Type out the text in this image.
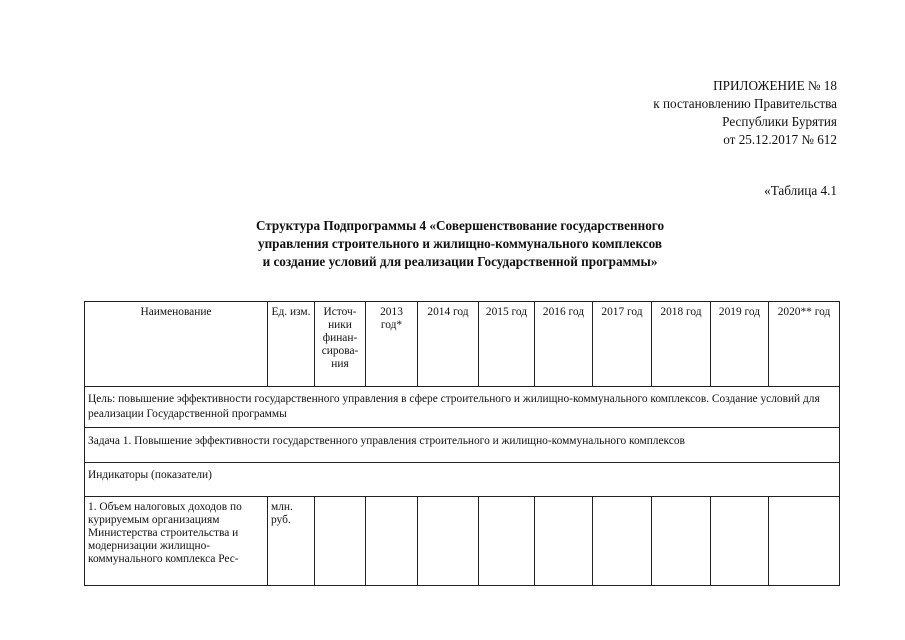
ПРИЛОЖЕНИЕ № 18
к постановлению Правительства
Республики Бурятия
от 25.12.2017 № 612
«Таблица 4.1
Структура Подпрограммы 4 «Совершенствование государственного
управления строительного и жилищно-коммунального комплексов
и создание условий для реализации Государственной программы»
Наименование	Ед. изм.	Источ-
ники
финан-
сирова-
ния	2013 год*	2014 год	2015 год	2016 год	2017 год	2018 год	2019 год	2020** год
Цель: повышение эффективности государственного управления в сфере строительного и жилищно-коммунального комплексов. Создание условий для реализации Государственной программы										
Задача 1. Повышение эффективности государственного управления строительного и жилищно-коммунального комплексов										
Индикаторы (показатели)										
1. Объем налоговых доходов по курируемым организациям Министерства строительства и модернизации жилищно-коммунального комплекса Рес-	млн. руб.									
